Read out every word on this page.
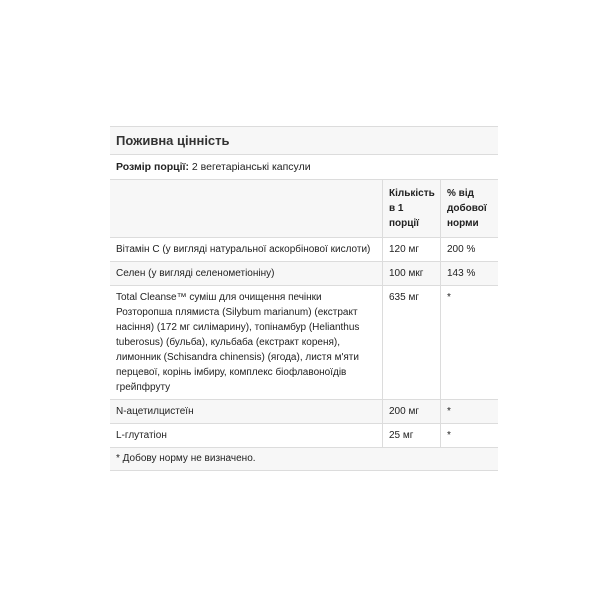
Поживна цінність
Розмір порції: 2 вегетаріанські капсули
	Кількість в 1 порції	% від добової норми
Вітамін С (у вигляді натуральної аскорбінової кислоти)	120 мг	200 %
Селен (у вигляді селенометіоніну)	100 мкг	143 %
Total Cleanse™ суміш для очищення печінки Розторопша плямиста (Silybum marianum) (екстракт насіння) (172 мг силімарину), топінамбур (Helianthus tuberosus) (бульба), кульбаба (екстракт кореня), лимонник (Schisandra chinensis) (ягода), листя м'яти перцевої, корінь імбиру, комплекс біофлавоноїдів грейпфруту	635 мг	*
N-ацетилцистеїн	200 мг	*
L-глутатіон	25 мг	*
* Добову норму не визначено.
